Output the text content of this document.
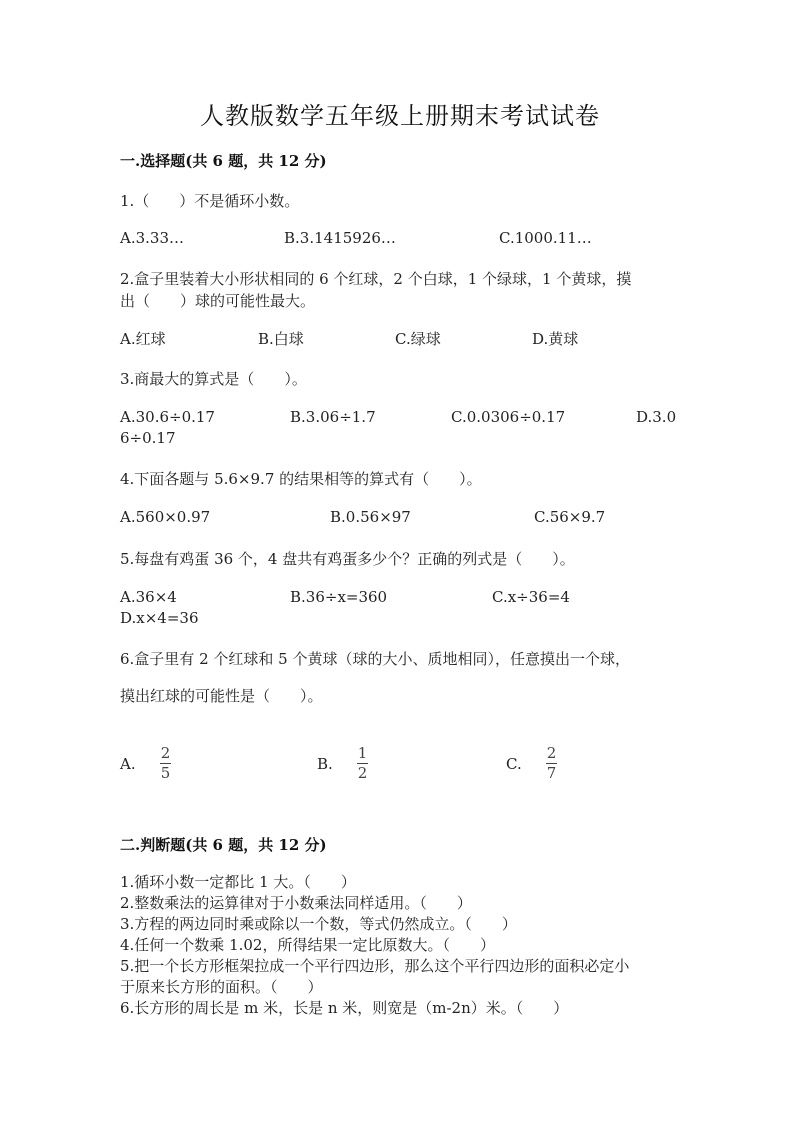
人教版数学五年级上册期末考试试卷
一.选择题(共 6 题，共 12 分)
1.（　　）不是循环小数。
A.3.33…	B.3.1415926…	C.1000.11…
2.盒子里装着大小形状相同的 6 个红球，2 个白球，1 个绿球，1 个黄球，摸
出（　　）球的可能性最大。
A.红球	B.白球	C.绿球	D.黄球
3.商最大的算式是（　　）。
A.30.6÷0.17	B.3.06÷1.7	C.0.0306÷0.17	D.3.0
6÷0.17
4.下面各题与 5.6×9.7 的结果相等的算式有（　　）。
A.560×0.97	B.0.56×97	C.56×9.7
5.每盘有鸡蛋 36 个，4 盘共有鸡蛋多少个？正确的列式是（　　）。
A.36×4	B.36÷x=360	C.x÷36=4
D.x×4=36
6.盒子里有 2 个红球和 5 个黄球（球的大小、质地相同），任意摸出一个球，
摸出红球的可能性是（　　）。
A.
2
5	B.
1
2	C.
2
7
二.判断题(共 6 题，共 12 分)
1.循环小数一定都比 1 大。（　　）
2.整数乘法的运算律对于小数乘法同样适用。（　　）
3.方程的两边同时乘或除以一个数，等式仍然成立。（　　）
4.任何一个数乘 1.02，所得结果一定比原数大。（　　）
5.把一个长方形框架拉成一个平行四边形，那么这个平行四边形的面积必定小
于原来长方形的面积。（　　）
6.长方形的周长是 m 米，长是 n 米，则宽是（m-2n）米。（　　）
